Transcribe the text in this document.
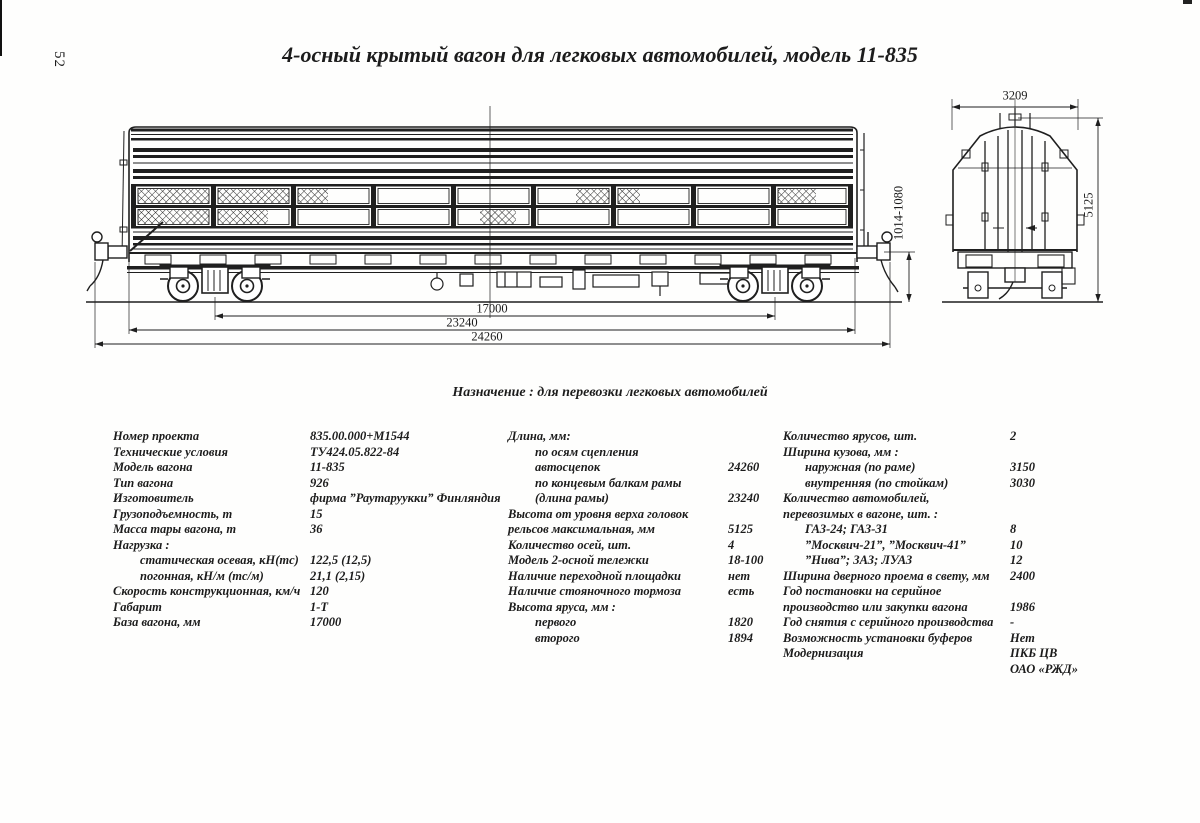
52	4-осный крытый вагон для легковых автомобилей, модель 11-835
3209
5125
1014-1080
17000
23240
24260
Назначение : для перевозки легковых автомобилей
Номер проекта	835.00.000+М1544
Технические условия	ТУ424.05.822-84
Модель вагона	11-835
Тип вагона	926
Изготовитель	фирма ”Раутаруукки” Финляндия
Грузоподъемность, т	15
Масса тары вагона, т	36
Нагрузка :
статическая осевая, кН(тс) 122,5 (12,5)
погонная, кН/м (тс/м)	21,1 (2,15)
Скорость конструкционная, км/ч 120
Габарит	1-Т
База вагона, мм	17000
Длина, мм:
по осям сцепления
автосцепок	24260
по концевым балкам рамы
(длина рамы)	23240
Высота от уровня верха головок
рельсов максимальная, мм	5125
Количество осей, шт.	4
Модель 2-осной тележки	18-100
Наличие переходной площадки	нет
Наличие стояночного тормоза	есть
Высота яруса, мм :
первого	1820
второго	1894
Количество ярусов, шт.	2
Ширина кузова, мм :
наружная (по раме)	3150
внутренняя (по стойкам)	3030
Количество автомобилей,
перевозимых в вагоне, шт. :
ГАЗ-24; ГАЗ-31	8
”Москвич-21”, ”Москвич-41”	10
”Нива”; ЗАЗ; ЛУАЗ	12
Ширина дверного проема в свету, мм 2400
Год постановки на серийное
производство или закупки вагона	1986
Год снятия с серийного производства -
Возможность установки буферов	Нет
Модернизация	ПКБ ЦВ
ОАО «РЖД»
